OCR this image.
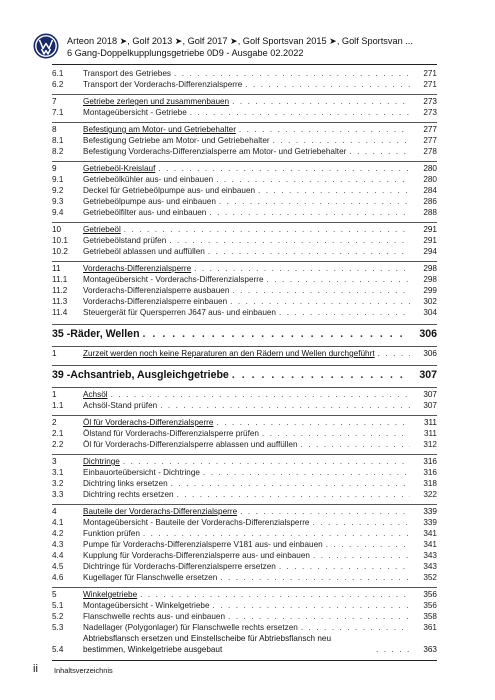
Arteon 2018 ➤, Golf 2013 ➤, Golf 2017 ➤, Golf Sportsvan 2015 ➤, Golf Sportsvan ...
6 Gang-Doppelkupplungsgetriebe 0D9 - Ausgabe 02.2022
6.1	Transport des Getriebes . . .	271
6.2	Transport der Vorderachs-Differenzialsperre . . .	271
7	Getriebe zerlegen und zusammenbauen . . .	273
7.1	Montageübersicht - Getriebe . . .	273
8	Befestigung am Motor- und Getriebehalter . . .	277
8.1	Befestigung Getriebe am Motor- und Getriebehalter . . .	277
8.2	Befestigung Vorderachs-Differenzialsperre am Motor- und Getriebehalter . . .	278
9	Getriebeöl-Kreislauf . . .	280
9.1	Getriebeölkühler aus- und einbauen . . .	280
9.2	Deckel für Getriebeölpumpe aus- und einbauen . . .	284
9.3	Getriebeölpumpe aus- und einbauen . . .	286
9.4	Getriebeölfilter aus- und einbauen . . .	288
10	Getriebeöl . . .	291
10.1	Getriebeölstand prüfen . . .	291
10.2	Getriebeöl ablassen und auffüllen . . .	294
11	Vorderachs-Differenzialsperre . . .	298
11.1	Montageübersicht - Vorderachs-Differenzialsperre . . .	298
11.2	Vorderachs-Differenzialsperre ausbauen . . .	299
11.3	Vorderachs-Differenzialsperre einbauen . . .	302
11.4	Steuergerät für Quersperren J647 aus- und einbauen . . .	304
35 - Räder, Wellen . . .	306
1	Zurzeit werden noch keine Reparaturen an den Rädern und Wellen durchgeführt . . .	306
39 - Achsantrieb, Ausgleichgetriebe . . .	307
1	Achsöl . . .	307
1.1	Achsöl-Stand prüfen . . .	307
2	Öl für Vorderachs-Differenzialsperre . . .	311
2.1	Ölstand für Vorderachs-Differenzialsperre prüfen . . .	311
2.2	Öl für Vorderachs-Differenzialsperre ablassen und auffüllen . . .	312
3	Dichtringe . . .	316
3.1	Einbauorteübersicht - Dichtringe . . .	316
3.2	Dichtring links ersetzen . . .	318
3.3	Dichtring rechts ersetzen . . .	322
4	Bauteile der Vorderachs-Differenzialsperre . . .	339
4.1	Montageübersicht - Bauteile der Vorderachs-Differenzialsperre . . .	339
4.2	Funktion prüfen . . .	341
4.3	Pumpe für Vorderachs-Differenzialsperre V181 aus- und einbauen . . .	341
4.4	Kupplung für Vorderachs-Differenzialsperre aus- und einbauen . . .	343
4.5	Dichtringe für Vorderachs-Differenzialsperre ersetzen . . .	343
4.6	Kugellager für Flanschwelle ersetzen . . .	352
5	Winkelgetriebe . . .	356
5.1	Montageübersicht - Winkelgetriebe . . .	356
5.2	Flanschwelle rechts aus- und einbauen . . .	358
5.3	Nadellager (Polygonlager) für Flanschwelle rechts ersetzen . . .	361
5.4
Abtriebsflansch ersetzen und Einstellscheibe für Abtriebsflansch neu bestimmen, Winkelgetriebe ausgebaut . . .	363
ii Inhaltsverzeichnis
